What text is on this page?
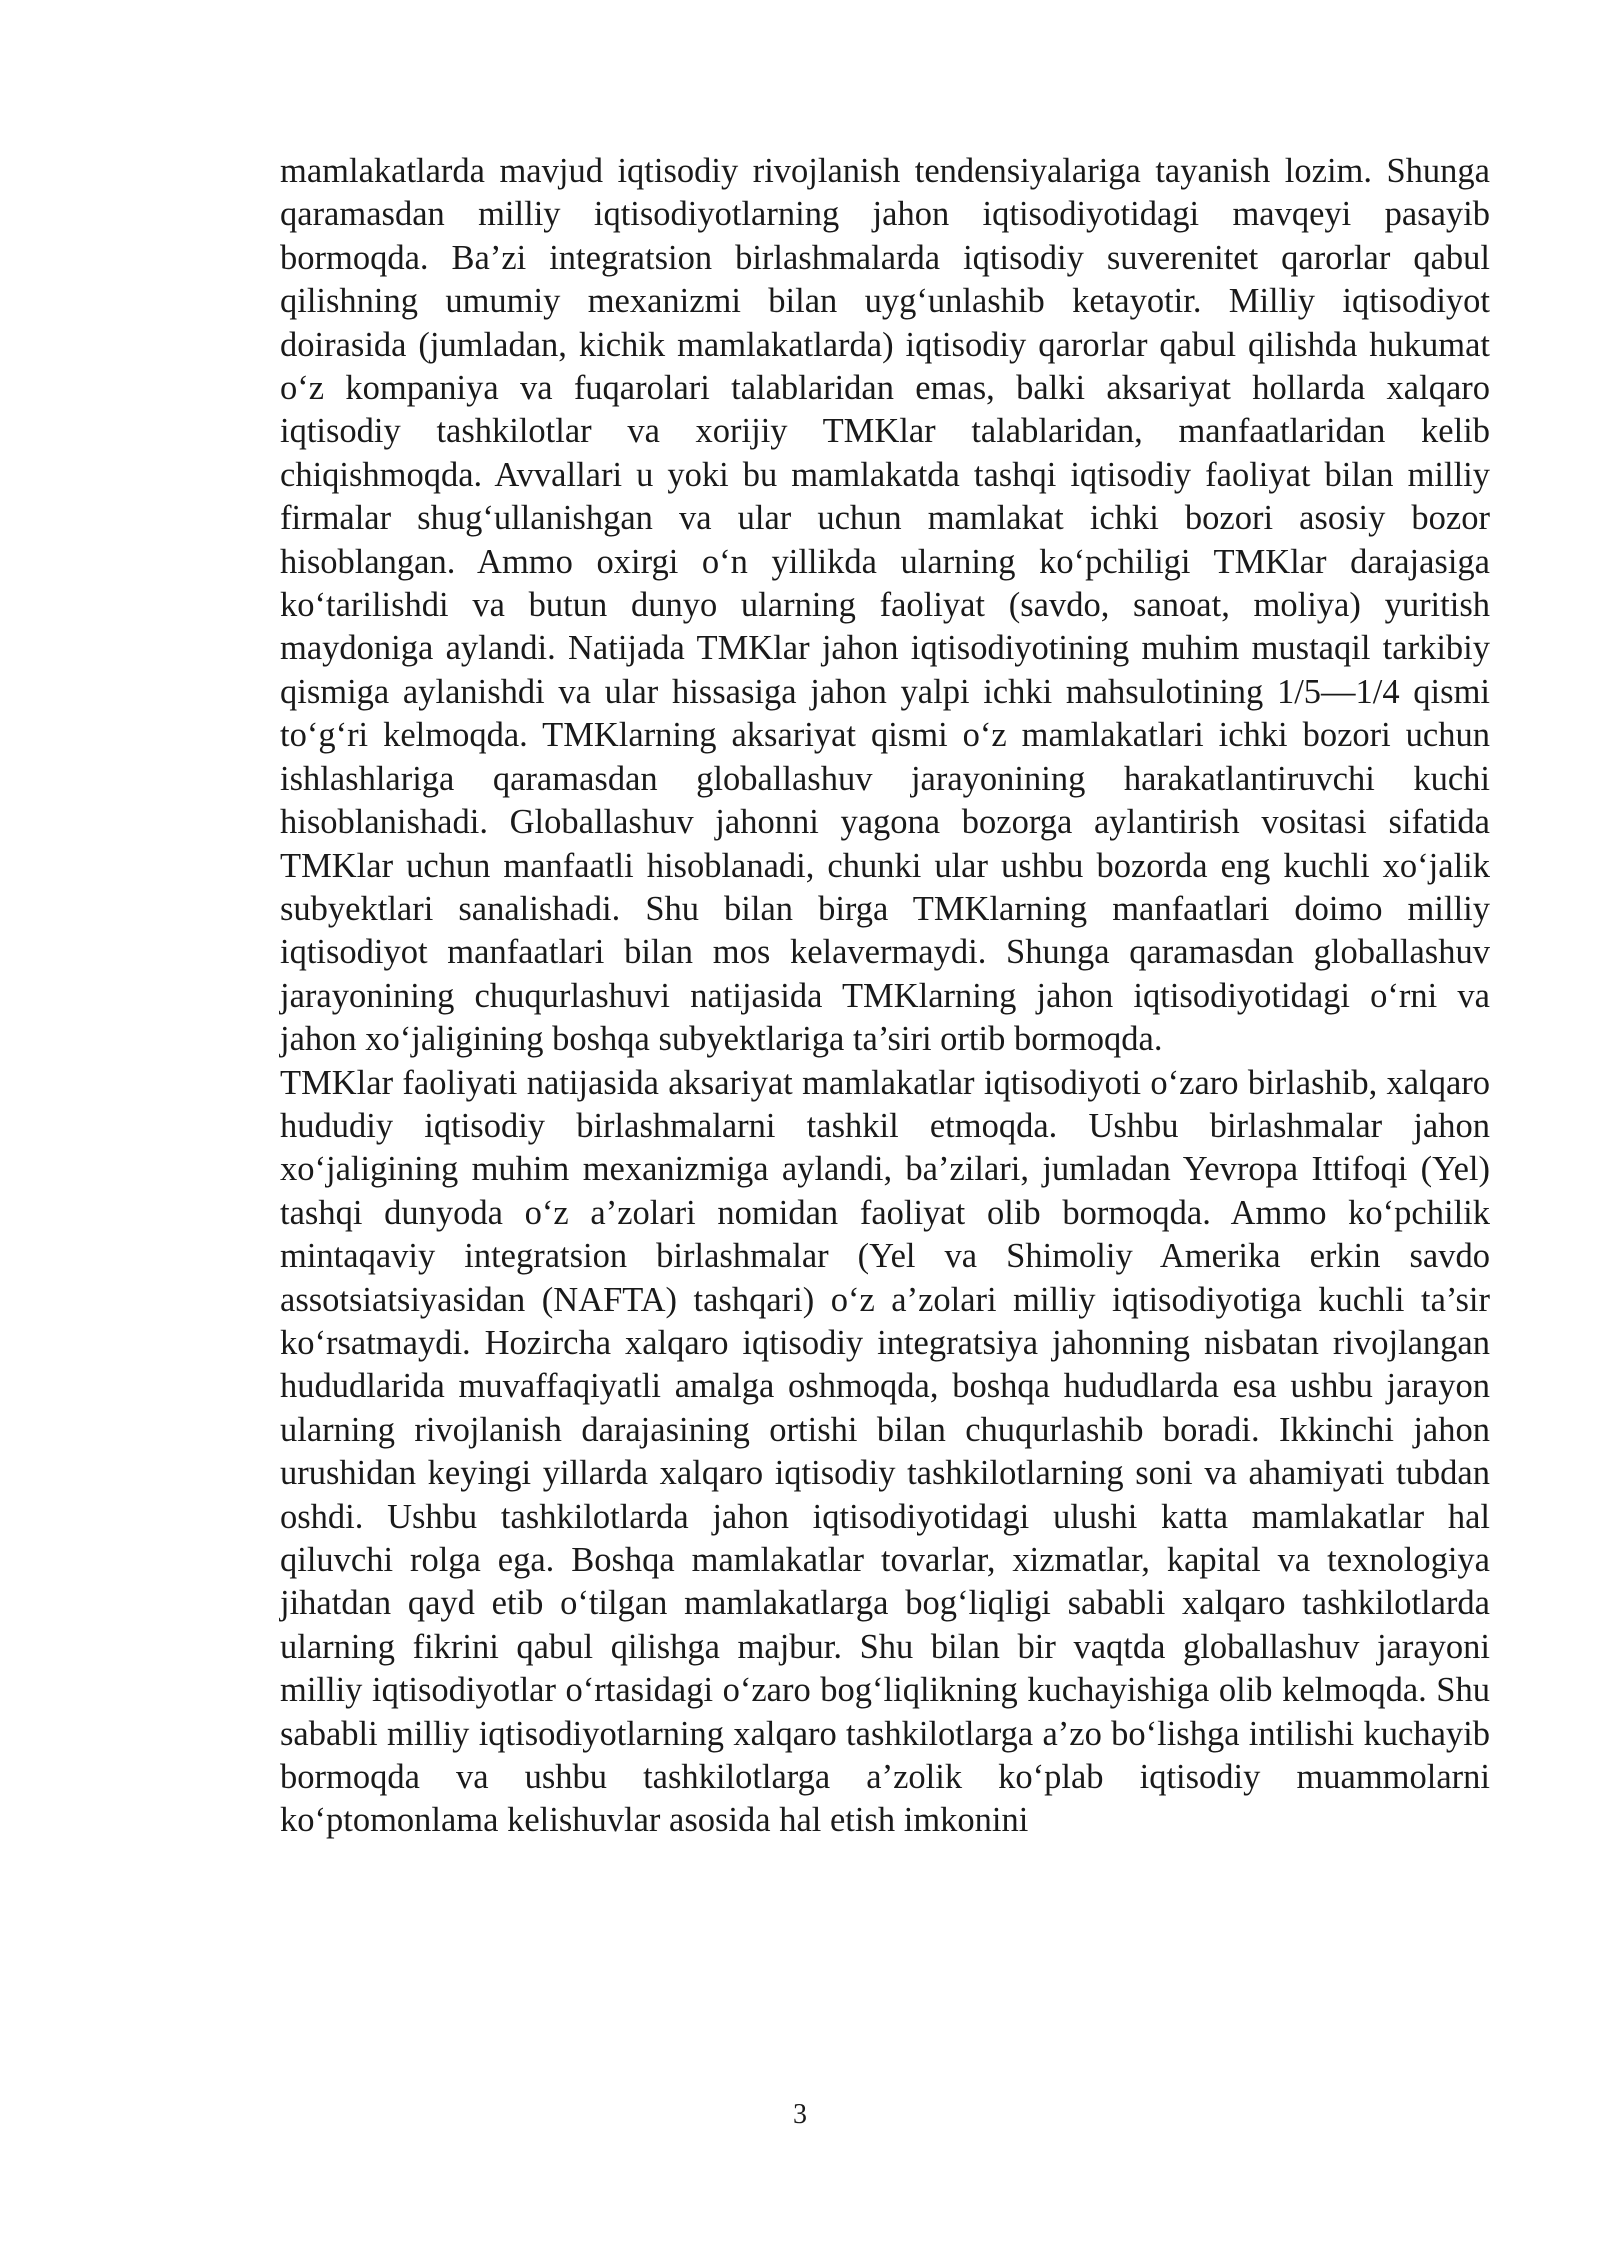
mamlakatlarda mavjud iqtisodiy rivojlanish tendensiyalariga tayanish lozim. Shunga qaramasdan milliy iqtisodiyotlarning jahon iqtisodiyotidagi mavqeyi pasayib bormoqda. Ba’zi integratsion birlashmalarda iqtisodiy suverenitet qarorlar qabul qilishning umumiy mexanizmi bilan uyg‘unlashib ketayotir. Milliy iqtisodiyot doirasida (jumladan, kichik mamlakatlarda) iqtisodiy qarorlar qabul qilishda hukumat o‘z kompaniya va fuqarolari talablaridan emas, balki aksariyat hollarda xalqaro iqtisodiy tashkilotlar va xorijiy TMKlar talablaridan, manfaatlaridan kelib chiqishmoqda. Avvallari u yoki bu mamlakatda tashqi iqtisodiy faoliyat bilan milliy firmalar shug‘ullanishgan va ular uchun mamlakat ichki bozori asosiy bozor hisoblangan. Ammo oxirgi o‘n yillikda ularning ko‘pchiligi TMKlar darajasiga ko‘tarilishdi va butun dunyo ularning faoliyat (savdo, sanoat, moliya) yuritish maydoniga aylandi. Natijada TMKlar jahon iqtisodiyotining muhim mustaqil tarkibiy qismiga aylanishdi va ular hissasiga jahon yalpi ichki mahsulotining 1/5—1/4 qismi to‘g‘ri kelmoqda. TMKlarning aksariyat qismi o‘z mamlakatlari ichki bozori uchun ishlashlariga qaramasdan globallashuv jarayonining harakatlantiruvchi kuchi hisoblanishadi. Globallashuv jahonni yagona bozorga aylantirish vositasi sifatida TMKlar uchun manfaatli hisoblanadi, chunki ular ushbu bozorda eng kuchli xo‘jalik subyektlari sanalishadi. Shu bilan birga TMKlarning manfaatlari doimo milliy iqtisodiyot manfaatlari bilan mos kelavermaydi. Shunga qaramasdan globallashuv jarayonining chuqurlashuvi natijasida TMKlarning jahon iqtisodiyotidagi o‘rni va jahon xo‘jaligining boshqa subyektlariga ta’siri ortib bormoqda.

TMKlar faoliyati natijasida aksariyat mamlakatlar iqtisodiyoti o‘zaro birlashib, xalqaro hududiy iqtisodiy birlashmalarni tashkil etmoqda. Ushbu birlashmalar jahon xo‘jaligining muhim mexanizmiga aylandi, ba’zilari, jumladan Yevropa Ittifoqi (Yel) tashqi dunyoda o‘z a’zolari nomidan faoliyat olib bormoqda. Ammo ko‘pchilik mintaqaviy integratsion birlashmalar (Yel va Shimoliy Amerika erkin savdo assotsiatsiyasidan (NAFTA) tashqari) o‘z a’zolari milliy iqtisodiyotiga kuchli ta’sir ko‘rsatmaydi. Hozircha xalqaro iqtisodiy integratsiya jahonning nisbatan rivojlangan hududlarida muvaffaqiyatli amalga oshmoqda, boshqa hududlarda esa ushbu jarayon ularning rivojlanish darajasining ortishi bilan chuqurlashib boradi. Ikkinchi jahon urushidan keyingi yillarda xalqaro iqtisodiy tashkilotlarning soni va ahamiyati tubdan oshdi. Ushbu tashkilotlarda jahon iqtisodiyotidagi ulushi katta mamlakatlar hal qiluvchi rolga ega. Boshqa mamlakatlar tovarlar, xizmatlar, kapital va texnologiya jihatdan qayd etib o‘tilgan mamlakatlarga bog‘liqligi sababli xalqaro tashkilotlarda ularning fikrini qabul qilishga majbur. Shu bilan bir vaqtda globallashuv jarayoni milliy iqtisodiyotlar o‘rtasidagi o‘zaro bog‘liqlikning kuchayishiga olib kelmoqda. Shu sababli milliy iqtisodiyotlarning xalqaro tashkilotlarga a’zo bo‘lishga intilishi kuchayib bormoqda va ushbu tashkilotlarga a’zolik ko‘plab iqtisodiy muammolarni ko‘ptomonlama kelishuvlar asosida hal etish imkonini

3
